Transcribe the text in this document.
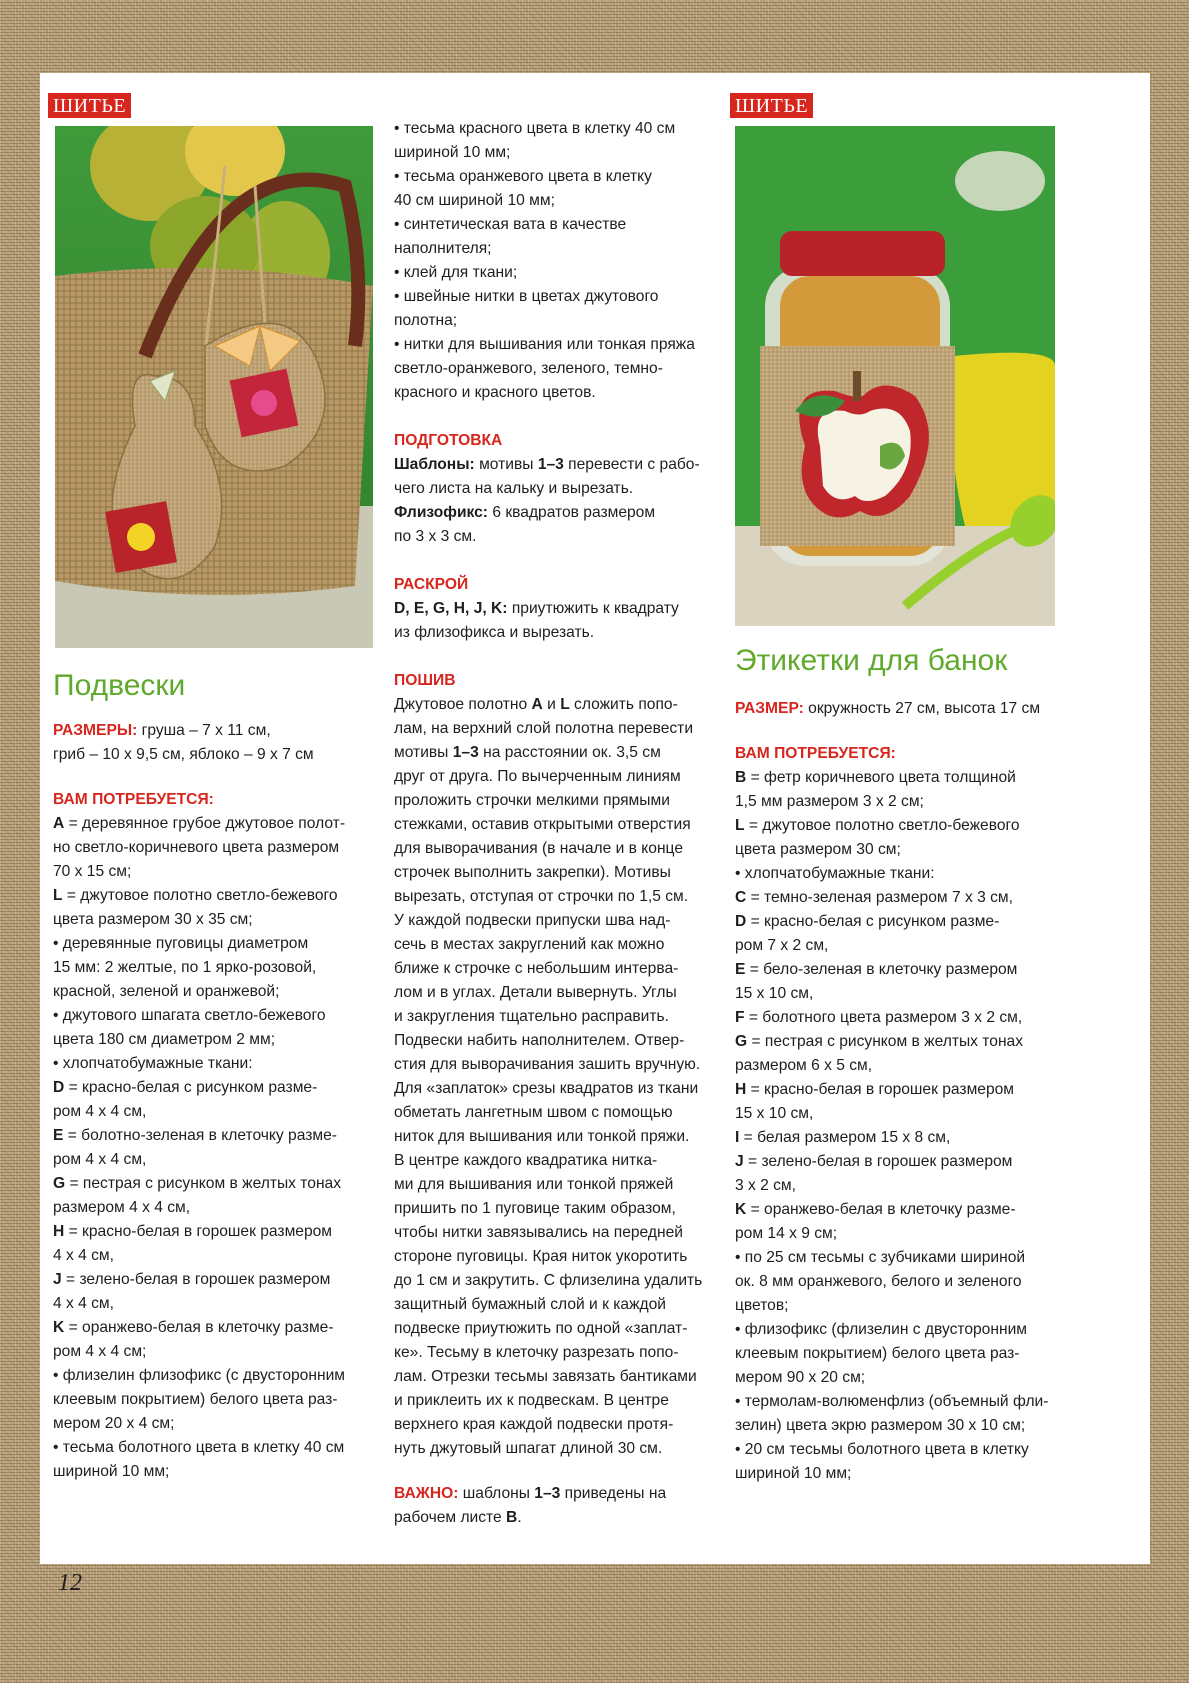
ШИТЬЕ	ШИТЬЕ
Подвески

РАЗМЕРЫ: груша – 7 х 11 см,

гриб – 10 х 9,5 см, яблоко – 9 х 7 см

ВАМ ПОТРЕБУЕТСЯ:

A = деревянное грубое джутовое полот-

но светло-коричневого цвета размером

70 х 15 см;

L = джутовое полотно светло-бежевого

цвета размером 30 х 35 см;

• деревянные пуговицы диаметром

15 мм: 2 желтые, по 1 ярко-розовой,

красной, зеленой и оранжевой;

• джутового шпагата светло-бежевого

цвета 180 см диаметром 2 мм;

• хлопчатобумажные ткани:

D = красно-белая с рисунком разме-

ром 4 х 4 см,

E = болотно-зеленая в клеточку разме-

ром 4 х 4 см,

G = пестрая с рисунком в желтых тонах

размером 4 х 4 см,

H = красно-белая в горошек размером

4 х 4 см,

J = зелено-белая в горошек размером

4 х 4 см,

K = оранжево-белая в клеточку разме-

ром 4 х 4 см;

• флизелин флизофикс (с двусторонним

клеевым покрытием) белого цвета раз-

мером 20 х 4 см;

• тесьма болотного цвета в клетку 40 см

шириной 10 мм;

• тесьма красного цвета в клетку 40 см

шириной 10 мм;

• тесьма оранжевого цвета в клетку

40 см шириной 10 мм;

• синтетическая вата в качестве

наполнителя;

• клей для ткани;

• швейные нитки в цветах джутового

полотна;

• нитки для вышивания или тонкая пряжа

светло-оранжевого, зеленого, темно-

красного и красного цветов.

ПОДГОТОВКА

Шаблоны: мотивы 1–3 перевести с рабо-

чего листа на кальку и вырезать.

Флизофикс: 6 квадратов размером

по 3 х 3 см.

РАСКРОЙ

D, E, G, H, J, K: приутюжить к квадрату

из флизофикса и вырезать.

ПОШИВ

Джутовое полотно A и L сложить попо-

лам, на верхний слой полотна перевести

мотивы 1–3 на расстоянии ок. 3,5 см

друг от друга. По вычерченным линиям

проложить строчки мелкими прямыми

стежками, оставив открытыми отверстия

для выворачивания (в начале и в конце

строчек выполнить закрепки). Мотивы

вырезать, отступая от строчки по 1,5 см.

У каждой подвески припуски шва над-

сечь в местах закруглений как можно

ближе к строчке с небольшим интерва-

лом и в углах. Детали вывернуть. Углы

и закругления тщательно расправить.

Подвески набить наполнителем. Отвер-

стия для выворачивания зашить вручную.

Для «заплаток» срезы квадратов из ткани

обметать лангетным швом с помощью

ниток для вышивания или тонкой пряжи.

В центре каждого квадратика нитка-

ми для вышивания или тонкой пряжей

пришить по 1 пуговице таким образом,

чтобы нитки завязывались на передней

стороне пуговицы. Края ниток укоротить

до 1 см и закрутить. С флизелина удалить

защитный бумажный слой и к каждой

подвеске приутюжить по одной «заплат-

ке». Тесьму в клеточку разрезать попо-

лам. Отрезки тесьмы завязать бантиками

и приклеить их к подвескам. В центре

верхнего края каждой подвески протя-

нуть джутовый шпагат длиной 30 см.

ВАЖНО: шаблоны 1–3 приведены на

рабочем листе B.

Этикетки для банок

РАЗМЕР: окружность 27 см, высота 17 см

ВАМ ПОТРЕБУЕТСЯ:

B = фетр коричневого цвета толщиной

1,5 мм размером 3 х 2 см;

L = джутовое полотно светло-бежевого

цвета размером 30 см;

• хлопчатобумажные ткани:

C = темно-зеленая размером 7 х 3 см,

D = красно-белая с рисунком разме-

ром 7 х 2 см,

E = бело-зеленая в клеточку размером

15 х 10 см,

F = болотного цвета размером 3 х 2 см,

G = пестрая с рисунком в желтых тонах

размером 6 х 5 см,

H = красно-белая в горошек размером

15 х 10 см,

I = белая размером 15 х 8 см,

J = зелено-белая в горошек размером

3 х 2 см,

K = оранжево-белая в клеточку разме-

ром 14 х 9 см;

• по 25 см тесьмы с зубчиками шириной

ок. 8 мм оранжевого, белого и зеленого

цветов;

• флизофикс (флизелин с двусторонним

клеевым покрытием) белого цвета раз-

мером 90 х 20 см;

• термолам-волюменфлиз (объемный фли-

зелин) цвета экрю размером 30 х 10 см;

• 20 см тесьмы болотного цвета в клетку

шириной 10 мм;

12
